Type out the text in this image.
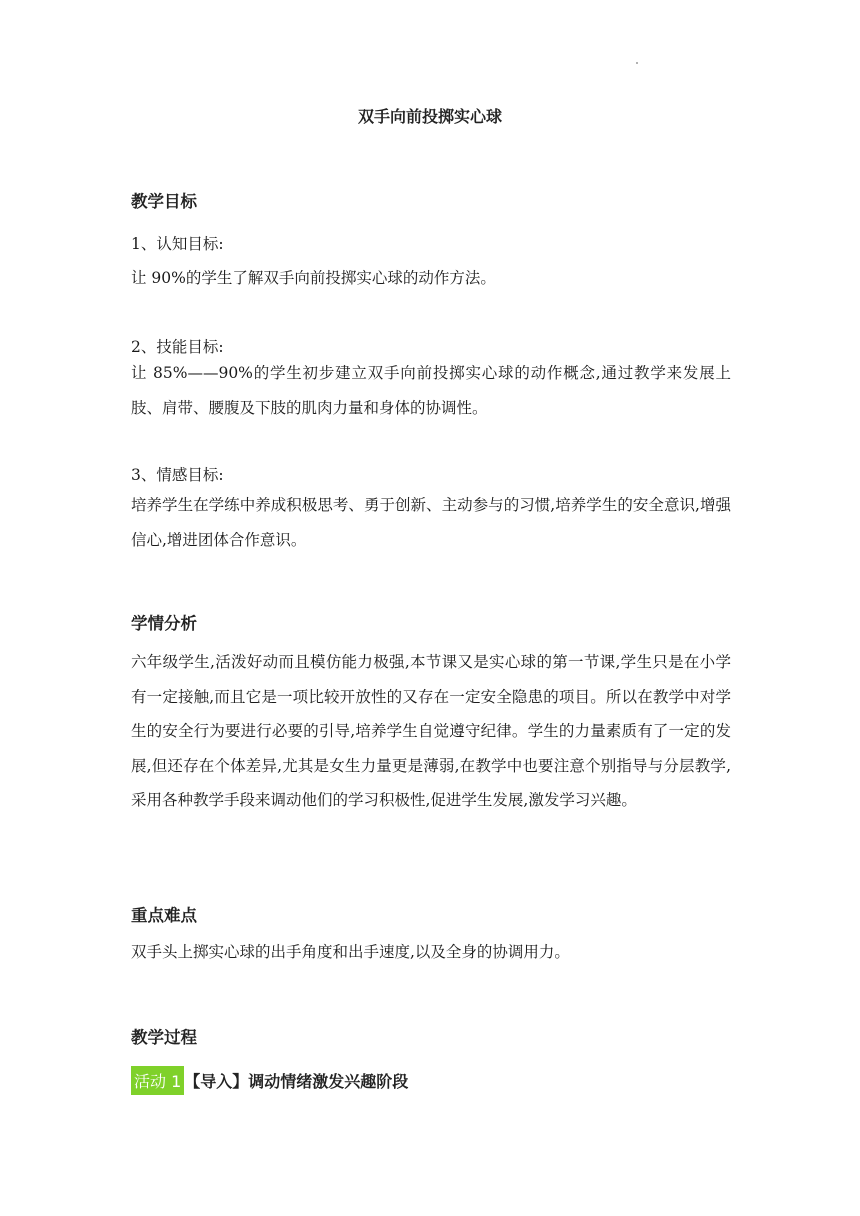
双手向前投掷实心球
教学目标
1、认知目标:
让 90%的学生了解双手向前投掷实心球的动作方法。
2、技能目标:
让 85%——90%的学生初步建立双手向前投掷实心球的动作概念,通过教学来发展上肢、肩带、腰腹及下肢的肌肉力量和身体的协调性。
3、情感目标:
培养学生在学练中养成积极思考、勇于创新、主动参与的习惯,培养学生的安全意识,增强信心,增进团体合作意识。
学情分析
六年级学生,活泼好动而且模仿能力极强,本节课又是实心球的第一节课,学生只是在小学有一定接触,而且它是一项比较开放性的又存在一定安全隐患的项目。所以在教学中对学生的安全行为要进行必要的引导,培养学生自觉遵守纪律。学生的力量素质有了一定的发展,但还存在个体差异,尤其是女生力量更是薄弱,在教学中也要注意个别指导与分层教学,采用各种教学手段来调动他们的学习积极性,促进学生发展,激发学习兴趣。
重点难点
双手头上掷实心球的出手角度和出手速度,以及全身的协调用力。
教学过程
活动 1 【导入】调动情绪激发兴趣阶段
